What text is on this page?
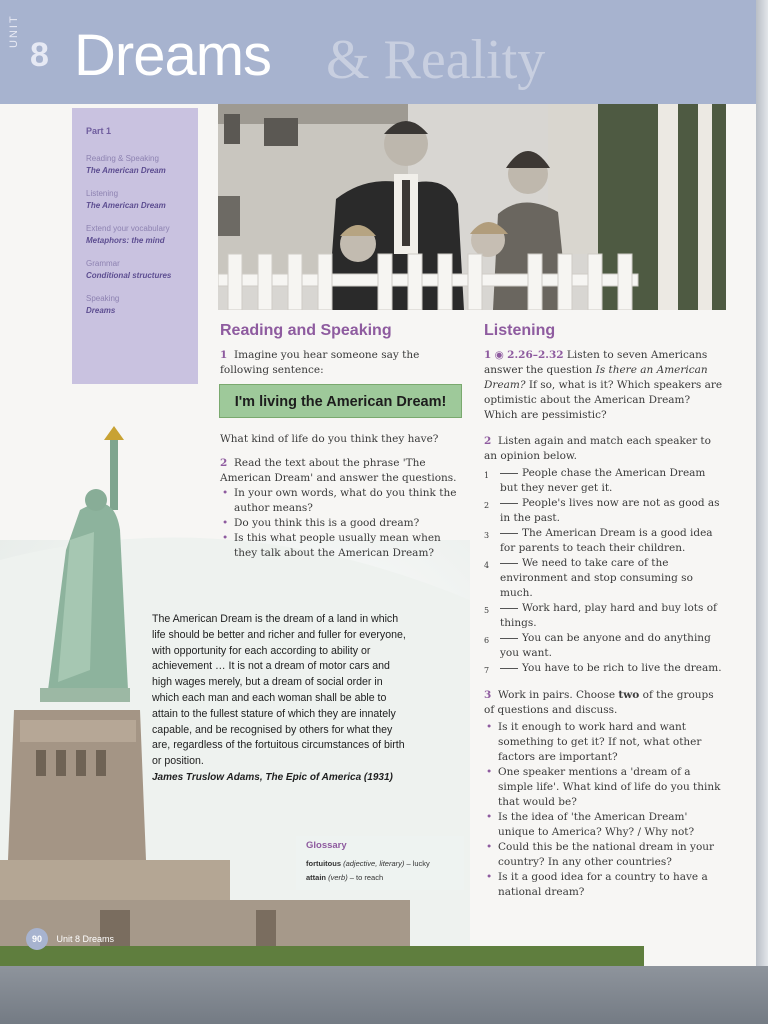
UNIT
8 Dreams & Reality
Part 1
Reading & Speaking
The American Dream
Listening
The American Dream
Extend your vocabulary
Metaphors: the mind
Grammar
Conditional structures
Speaking
Dreams
Reading and Speaking
1 Imagine you hear someone say the following sentence:
I'm living the American Dream!
What kind of life do you think they have?
2 Read the text about the phrase 'The American Dream' and answer the questions.
• In your own words, what do you think the author means?
• Do you think this is a good dream?
• Is this what people usually mean when they talk about the American Dream?
The American Dream is the dream of a land in which life should be better and richer and fuller for everyone, with opportunity for each according to ability or achievement … It is not a dream of motor cars and high wages merely, but a dream of social order in which each man and each woman shall be able to attain to the fullest stature of which they are innately capable, and be recognised by others for what they are, regardless of the fortuitous circumstances of birth or position.
James Truslow Adams, The Epic of America (1931)
Glossary
fortuitous (adjective, literary) – lucky
attain (verb) – to reach
Listening
1 ◉ 2.26–2.32 Listen to seven Americans answer the question Is there an American Dream? If so, what is it? Which speakers are optimistic about the American Dream? Which are pessimistic?
2 Listen again and match each speaker to an opinion below.
1	People chase the American Dream but they never get it.
2	People's lives now are not as good as in the past.
3	The American Dream is a good idea for parents to teach their children.
4	We need to take care of the environment and stop consuming so much.
5	Work hard, play hard and buy lots of things.
6	You can be anyone and do anything you want.
7	You have to be rich to live the dream.
3 Work in pairs. Choose two of the groups of questions and discuss.
• Is it enough to work hard and want something to get it? If not, what other factors are important?
• One speaker mentions a 'dream of a simple life'. What kind of life do you think that would be?
• Is the idea of 'the American Dream' unique to America? Why? / Why not?
• Could this be the national dream in your country? In any other countries?
• Is it a good idea for a country to have a national dream?
90 Unit 8 Dreams
